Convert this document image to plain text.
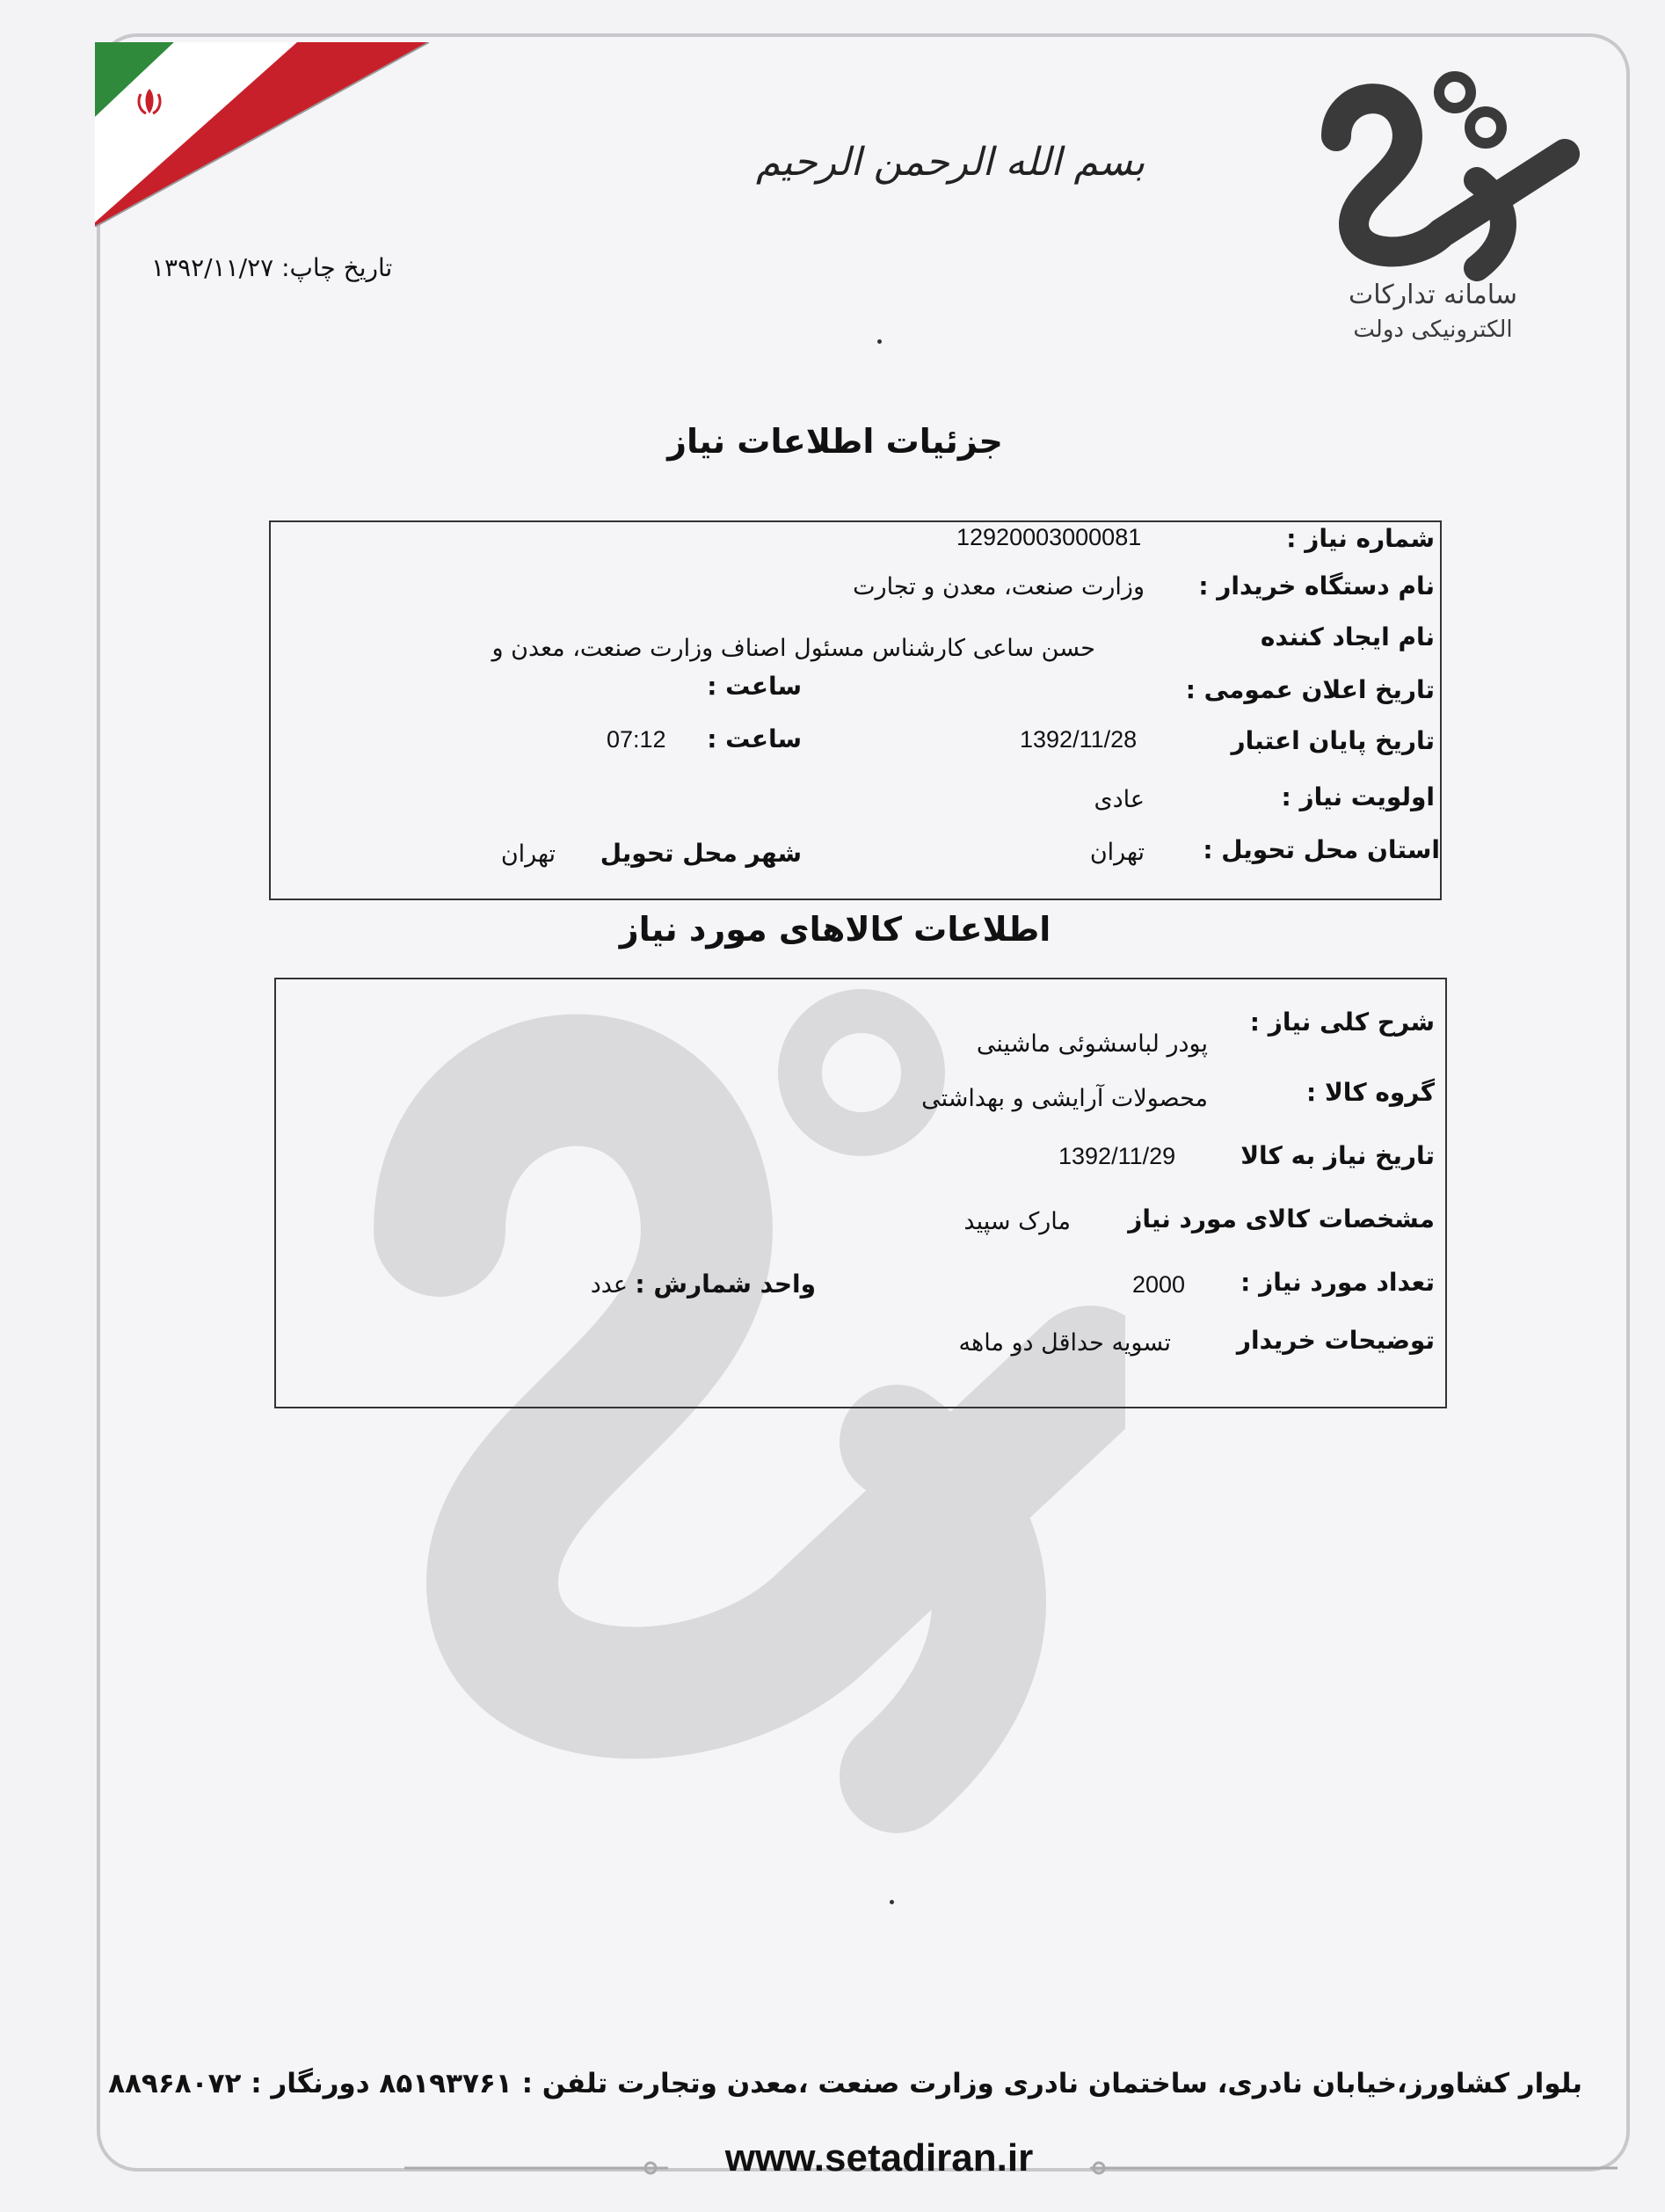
سامانه تدارکات
الکترونیکی دولت
بسم الله الرحمن الرحیم
تاریخ چاپ: ۱۳۹۲/۱۱/۲۷
جزئیات اطلاعات نیاز
شماره نیاز :
12920003000081
نام دستگاه خریدار :
وزارت صنعت، معدن و تجارت
نام ایجاد کننده
حسن ساعی کارشناس مسئول اصناف وزارت صنعت، معدن و
تاریخ اعلان عمومی :
ساعت :
تاریخ پایان اعتبار
1392/11/28
ساعت :
07:12
اولویت نیاز :
عادی
استان محل تحویل :
تهران
شهر محل تحویل
تهران
اطلاعات کالاهای مورد نیاز
شرح کلی نیاز :
پودر لباسشوئی ماشینی
گروه کالا :
محصولات آرایشی و بهداشتی
تاریخ نیاز به کالا
1392/11/29
مشخصات کالای مورد نیاز
مارک سپید
تعداد مورد نیاز :
2000
واحد شمارش :
عدد
توضیحات خریدار
تسویه حداقل دو ماهه
بلوار کشاورز،خیابان نادری، ساختمان نادری وزارت صنعت ،معدن وتجارت تلفن : ۸۵۱۹۳۷۶۱ دورنگار : ۸۸۹۶۸۰۷۲
www.setadiran.ir
